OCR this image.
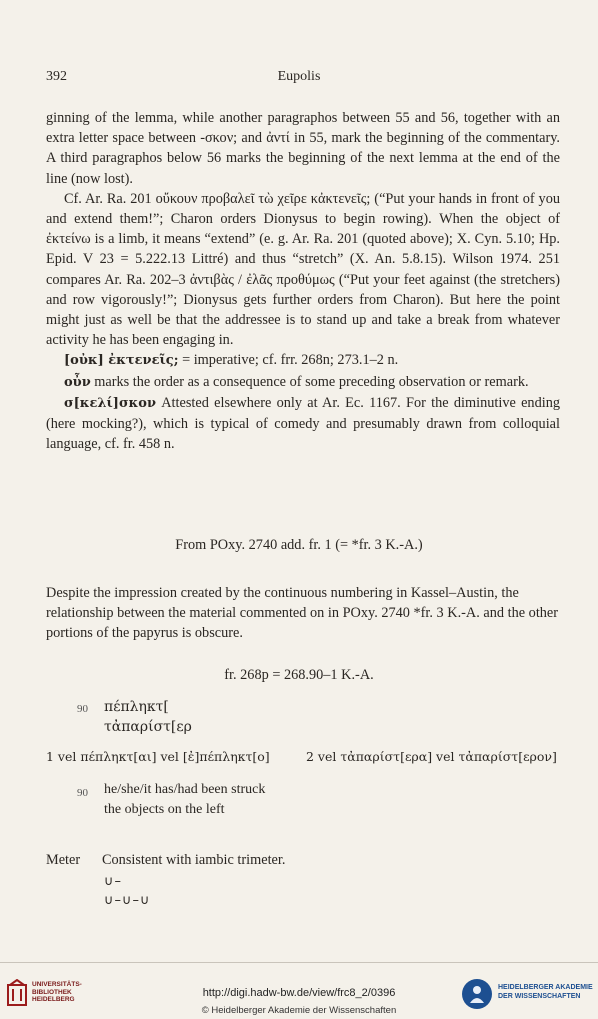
392	Eupolis

ginning of the lemma, while another paragraphos between 55 and 56, together with an extra letter space between -σκον; and ἀντί in 55, mark the beginning of the commentary. A third paragraphos below 56 marks the beginning of the next lemma at the end of the line (now lost).

Cf. Ar. Ra. 201 οὔκουν προβαλεῖ τὼ χεῖρε κἀκτενεῖς; (“Put your hands in front of you and extend them!”; Charon orders Dionysus to begin rowing). When the object of ἐκτείνω is a limb, it means “extend” (e. g. Ar. Ra. 201 (quoted above); X. Cyn. 5.10; Hp. Epid. V 23 = 5.222.13 Littré) and thus “stretch” (X. An. 5.8.15). Wilson 1974. 251 compares Ar. Ra. 202–3 ἀντιβὰς / ἐλᾶς προθύμως (“Put your feet against (the stretchers) and row vigorously!”; Dionysus gets further orders from Charon). But here the point might just as well be that the addressee is to stand up and take a break from whatever activity he has been engaging in.

[οὐκ] ἐκτενεῖς; = imperative; cf. frr. 268n; 273.1–2 n.

οὖν marks the order as a consequence of some preceding observation or remark.

σ[κελί]σκον Attested elsewhere only at Ar. Ec. 1167. For the diminutive ending (here mocking?), which is typical of comedy and presumably drawn from colloquial language, cf. fr. 458 n.

From POxy. 2740 add. fr. 1 (= *fr. 3 K.-A.)
Despite the impression created by the continuous numbering in Kassel–Austin, the relationship between the material commented on in POxy. 2740 *fr. 3 K.-A. and the other portions of the papyrus is obscure.
fr. 268p = 268.90–1 K.-A.
90 πέπληκτ[
τἀπαρίστ[ερ
1 vel πέπληκτ[αι] vel [ἐ]πέπληκτ[ο]	2 vel τἀπαρίστ[ερα] vel τἀπαρίστ[ερον]
90 he/she/it has/had been struck
the objects on the left
Meter Consistent with iambic trimeter.
∪–
∪–∪–∪
UNIVERSITÄTS-
BIBLIOTHEK
HEIDELBERG
http://digi.hadw-bw.de/view/frc8_2/0396
© Heidelberger Akademie der Wissenschaften
HEIDELBERGER AKADEMIE
DER WISSENSCHAFTEN
